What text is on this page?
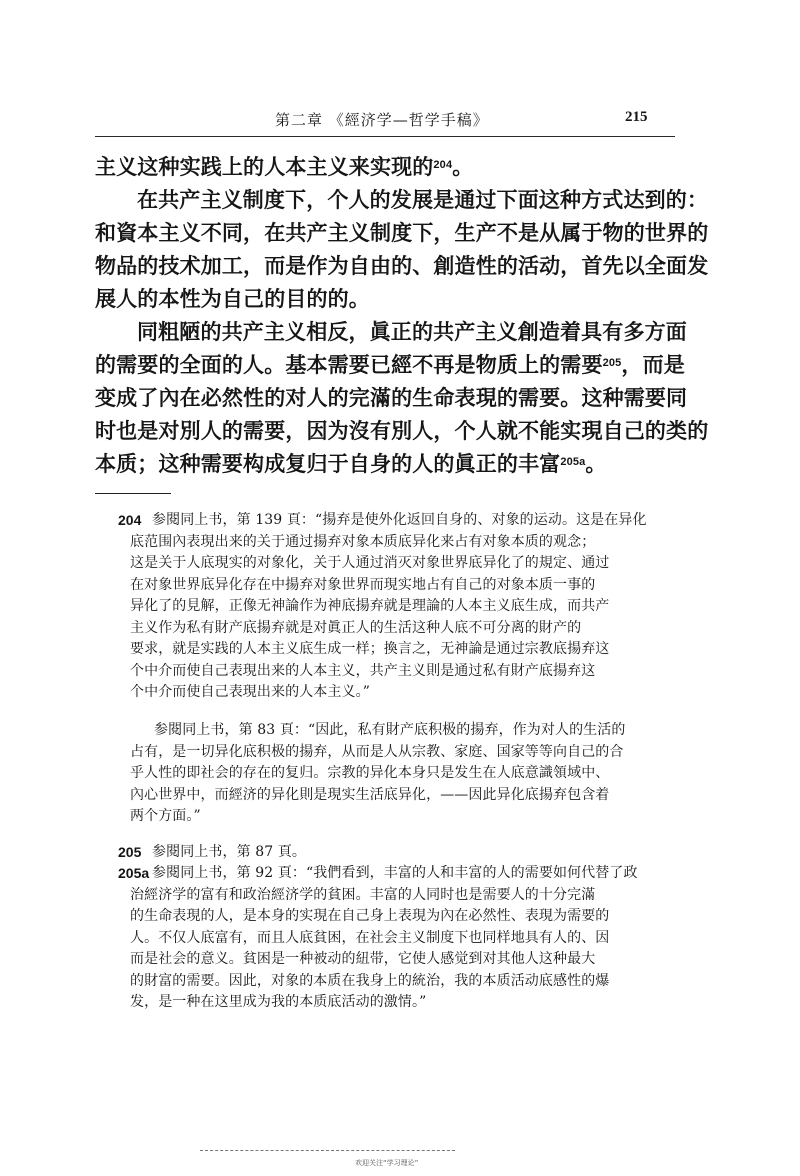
第二章 《經济学—哲学手稿》	215
主义这种实践上的人本主义来实现的$^{204}$。
在共产主义制度下，个人的发展是通过下面这种方式达到的：
和資本主义不同，在共产主义制度下，生产不是从属于物的世界的
物品的技术加工，而是作为自由的、創造性的活动，首先以全面发
展人的本性为自己的目的的。
同粗陋的共产主义相反，眞正的共产主义創造着具有多方面
的需要的全面的人。基本需要已經不再是物质上的需要$^{205}$，而是
变成了內在必然性的对人的完滿的生命表現的需要。这种需要同
时也是对別人的需要，因为沒有別人，个人就不能实現自己的类的
本质；这种需要构成复归于自身的人的眞正的丰富$^{205a}$。
204 参閱同上书，第 139 頁：“揚弃是使外化返回自身的、对象的运动。这是在异化
底范围內表現出来的关于通过揚弃对象本质底异化来占有对象本质的观念；
这是关于人底現实的对象化，关于人通过消灭对象世界底异化了的規定、通过
在对象世界底异化存在中揚弃对象世界而現实地占有自己的对象本质一事的
异化了的見解，正像无神論作为神底揚弃就是理論的人本主义底生成，而共产
主义作为私有財产底揚弃就是对眞正人的生活这种人底不可分离的財产的
要求，就是实践的人本主义底生成一样；換言之，无神論是通过宗教底揚弃这
个中介而使自己表現出来的人本主义，共产主义則是通过私有財产底揚弃这
个中介而使自己表現出来的人本主义。”
参閱同上书，第 83 頁：“因此，私有財产底积极的揚弃，作为对人的生活的
占有，是一切异化底积极的揚弃，从而是人从宗教、家庭、国家等等向自己的合
乎人性的即社会的存在的复归。宗教的异化本身只是发生在人底意識領域中、
內心世界中，而經济的异化則是現实生活底异化，——因此异化底揚弃包含着
两个方面。”
205 参閱同上书，第 87 頁。
205a 参閱同上书，第 92 頁：“我們看到，丰富的人和丰富的人的需要如何代替了政
治經济学的富有和政治經济学的貧困。丰富的人同时也是需要人的十分完滿
的生命表現的人，是本身的实現在自己身上表現为內在必然性、表現为需要的
人。不仅人底富有，而且人底貧困，在社会主义制度下也同样地具有人的、因
而是社会的意义。貧困是一种被动的紐带，它使人感觉到对其他人这种最大
的財富的需要。因此，对象的本质在我身上的統治，我的本质活动底感性的爆
发，是一种在这里成为我的本质底活动的激情。”
欢迎关注“学习理论”
